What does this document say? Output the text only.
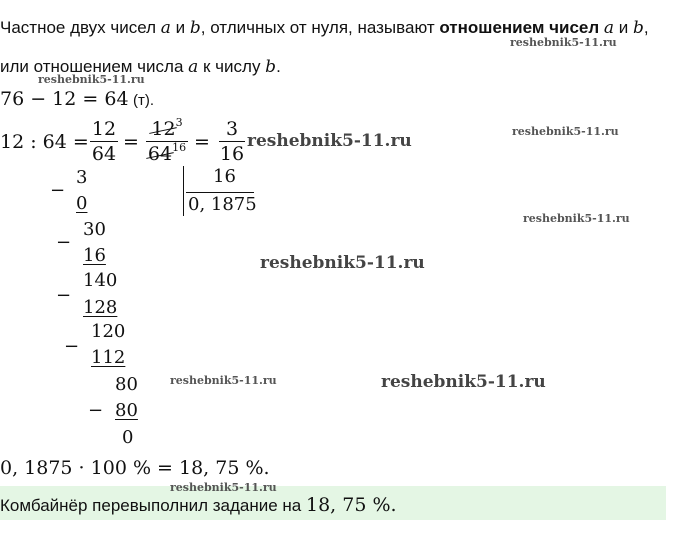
Частное двух чисел a и b, отличных от нуля, называют отношением чисел a и b,
или отношением числа a к числу b.
76 − 12 = 64 (т).
12 : 64 =
12
64
=
$12^3$
$64^{16}$ =
3
16
−
3
0
16
0, 1875
−
30
16
−
140
128
−
120
112
80
− 80
0
0, 1875 · 100 % = 18, 75 %.
Комбайнёр перевыполнил задание на 18, 75 %.
reshebnik5-11.ru
reshebnik5-11.ru
reshebnik5-11.ru	reshebnik5-11.ru
reshebnik5-11.ru
reshebnik5-11.ru
reshebnik5-11.ru	reshebnik5-11.ru
reshebnik5-11.ru
